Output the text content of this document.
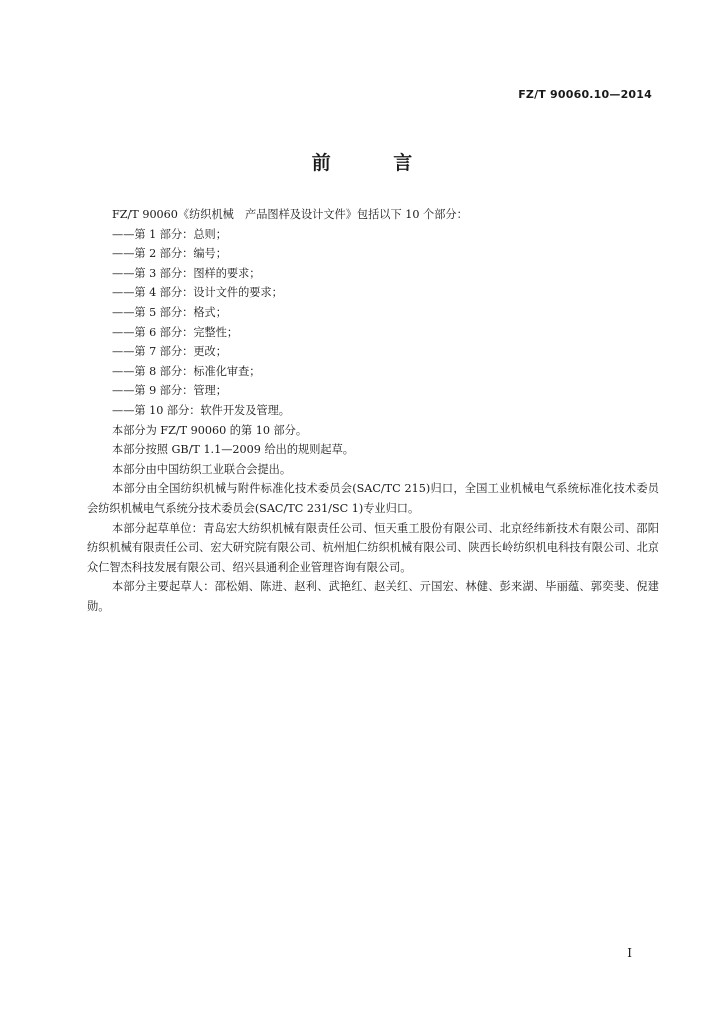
FZ/T 90060.10—2014
前 言

FZ/T 90060《纺织机械　产品图样及设计文件》包括以下 10 个部分：

——第 1 部分：总则；

——第 2 部分：编号；

——第 3 部分：图样的要求；

——第 4 部分：设计文件的要求；

——第 5 部分：格式；

——第 6 部分：完整性；

——第 7 部分：更改；

——第 8 部分：标准化审查；

——第 9 部分：管理；

——第 10 部分：软件开发及管理。

本部分为 FZ/T 90060 的第 10 部分。

本部分按照 GB/T 1.1—2009 给出的规则起草。

本部分由中国纺织工业联合会提出。

本部分由全国纺织机械与附件标准化技术委员会(SAC/TC 215)归口，全国工业机械电气系统标准化技术委员会纺织机械电气系统分技术委员会(SAC/TC 231/SC 1)专业归口。

本部分起草单位：青岛宏大纺织机械有限责任公司、恒天重工股份有限公司、北京经纬新技术有限公司、邵阳纺织机械有限责任公司、宏大研究院有限公司、杭州旭仁纺织机械有限公司、陕西长岭纺织机电科技有限公司、北京众仁智杰科技发展有限公司、绍兴县通利企业管理咨询有限公司。

本部分主要起草人：邵松娟、陈进、赵利、武艳红、赵关红、亓国宏、林健、彭来湖、毕丽蕴、郭奕斐、倪建勋。

I
